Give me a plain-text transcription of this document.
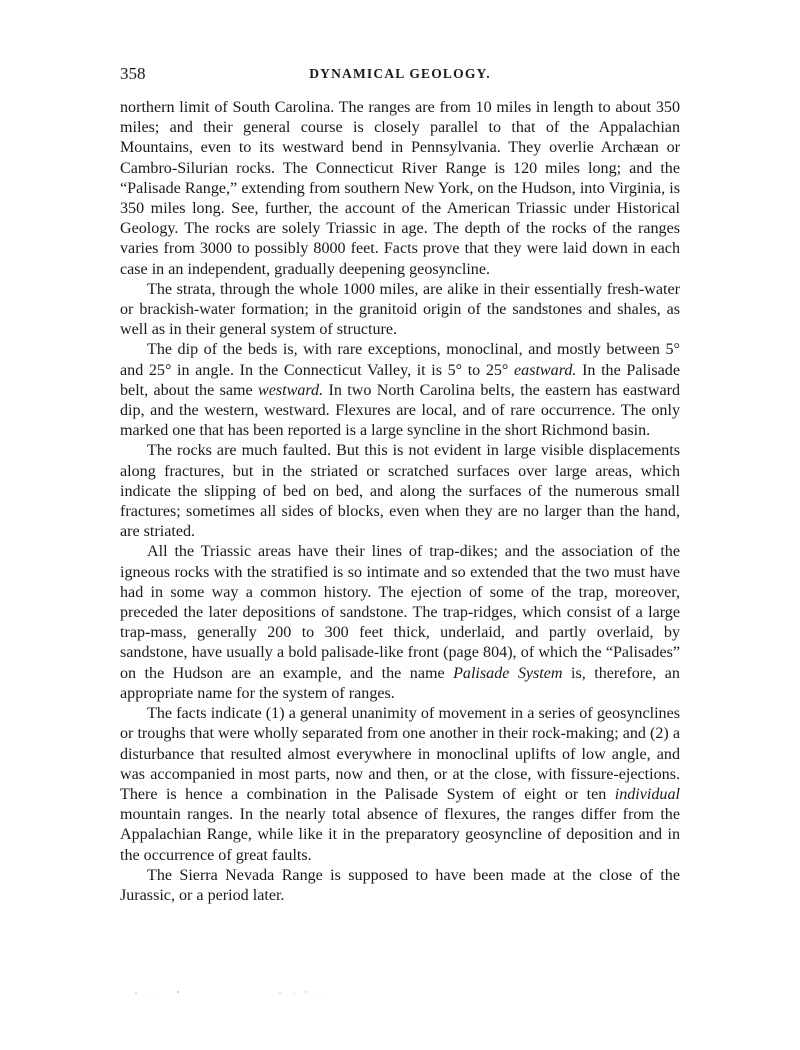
358	DYNAMICAL GEOLOGY.

northern limit of South Carolina. The ranges are from 10 miles in length to about 350 miles; and their general course is closely parallel to that of the Appalachian Mountains, even to its westward bend in Pennsylvania. They overlie Archæan or Cambro-Silurian rocks. The Connecticut River Range is 120 miles long; and the “Palisade Range,” extending from southern New York, on the Hudson, into Virginia, is 350 miles long. See, further, the account of the American Triassic under Historical Geology. The rocks are solely Triassic in age. The depth of the rocks of the ranges varies from 3000 to possibly 8000 feet. Facts prove that they were laid down in each case in an independent, gradually deepening geosyncline.

The strata, through the whole 1000 miles, are alike in their essentially fresh-water or brackish-water formation; in the granitoid origin of the sandstones and shales, as well as in their general system of structure.

The dip of the beds is, with rare exceptions, monoclinal, and mostly between 5° and 25° in angle. In the Connecticut Valley, it is 5° to 25° eastward. In the Palisade belt, about the same westward. In two North Carolina belts, the eastern has eastward dip, and the western, westward. Flexures are local, and of rare occurrence. The only marked one that has been reported is a large syncline in the short Richmond basin.

The rocks are much faulted. But this is not evident in large visible displacements along fractures, but in the striated or scratched surfaces over large areas, which indicate the slipping of bed on bed, and along the surfaces of the numerous small fractures; sometimes all sides of blocks, even when they are no larger than the hand, are striated.

All the Triassic areas have their lines of trap-dikes; and the association of the igneous rocks with the stratified is so intimate and so extended that the two must have had in some way a common history. The ejection of some of the trap, moreover, preceded the later depositions of sandstone. The trap-ridges, which consist of a large trap-mass, generally 200 to 300 feet thick, underlaid, and partly overlaid, by sandstone, have usually a bold palisade-like front (page 804), of which the “Palisades” on the Hudson are an example, and the name Palisade System is, therefore, an appropriate name for the system of ranges.

The facts indicate (1) a general unanimity of movement in a series of geosynclines or troughs that were wholly separated from one another in their rock-making; and (2) a disturbance that resulted almost everywhere in monoclinal uplifts of low angle, and was accompanied in most parts, now and then, or at the close, with fissure-ejections. There is hence a combination in the Palisade System of eight or ten individual mountain ranges. In the nearly total absence of flexures, the ranges differ from the Appalachian Range, while like it in the preparatory geosyncline of deposition and in the occurrence of great faults.

The Sierra Nevada Range is supposed to have been made at the close of the Jurassic, or a period later.
